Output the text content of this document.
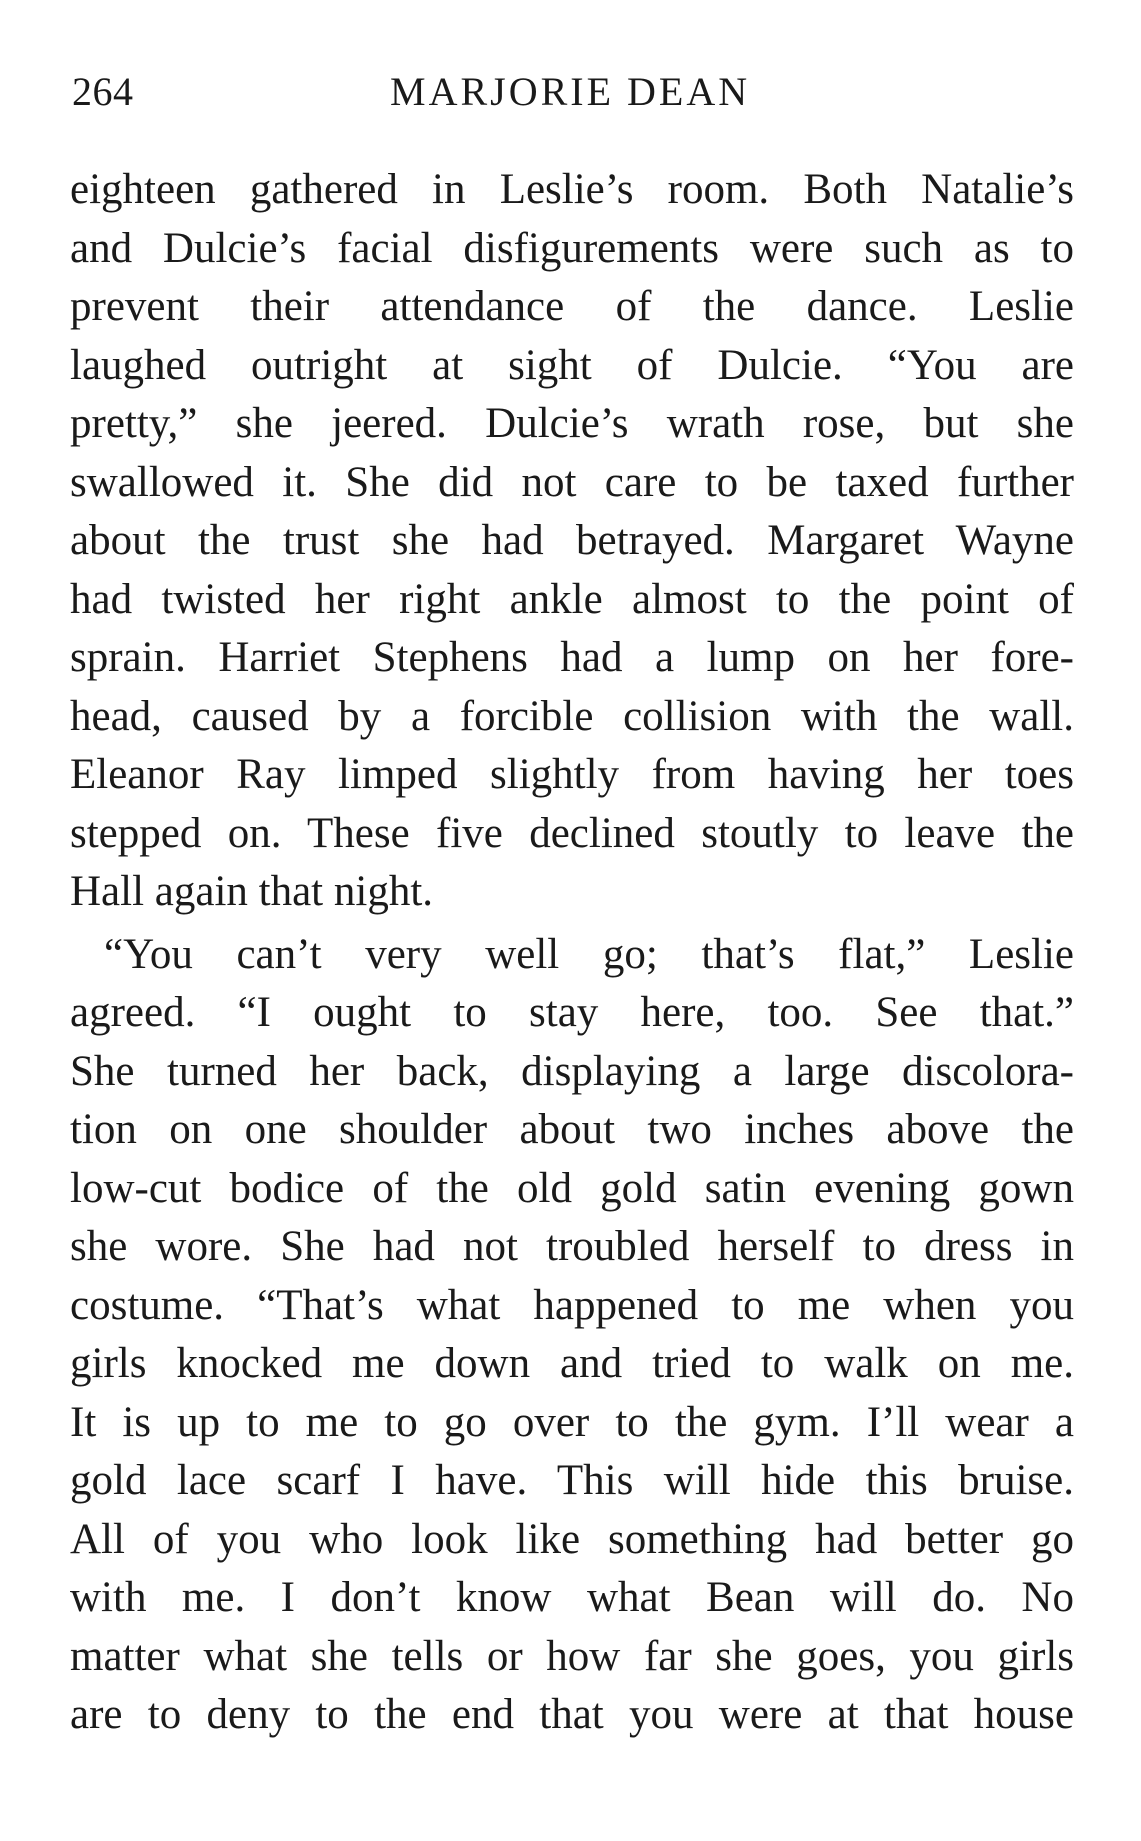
264	MARJORIE DEAN
eighteen gathered in Leslie’s room. Both Natalie’s
and Dulcie’s facial disfigurements were such as to
prevent their attendance of the dance. Leslie
laughed outright at sight of Dulcie. “You are
pretty,” she jeered. Dulcie’s wrath rose, but she
swallowed it. She did not care to be taxed further
about the trust she had betrayed. Margaret Wayne
had twisted her right ankle almost to the point of
sprain. Harriet Stephens had a lump on her fore-
head, caused by a forcible collision with the wall.
Eleanor Ray limped slightly from having her toes
stepped on. These five declined stoutly to leave the
Hall again that night.
“You can’t very well go; that’s flat,” Leslie
agreed. “I ought to stay here, too. See that.”
She turned her back, displaying a large discolora-
tion on one shoulder about two inches above the
low-cut bodice of the old gold satin evening gown
she wore. She had not troubled herself to dress in
costume. “That’s what happened to me when you
girls knocked me down and tried to walk on me.
It is up to me to go over to the gym. I’ll wear a
gold lace scarf I have. This will hide this bruise.
All of you who look like something had better go
with me. I don’t know what Bean will do. No
matter what she tells or how far she goes, you girls
are to deny to the end that you were at that house
